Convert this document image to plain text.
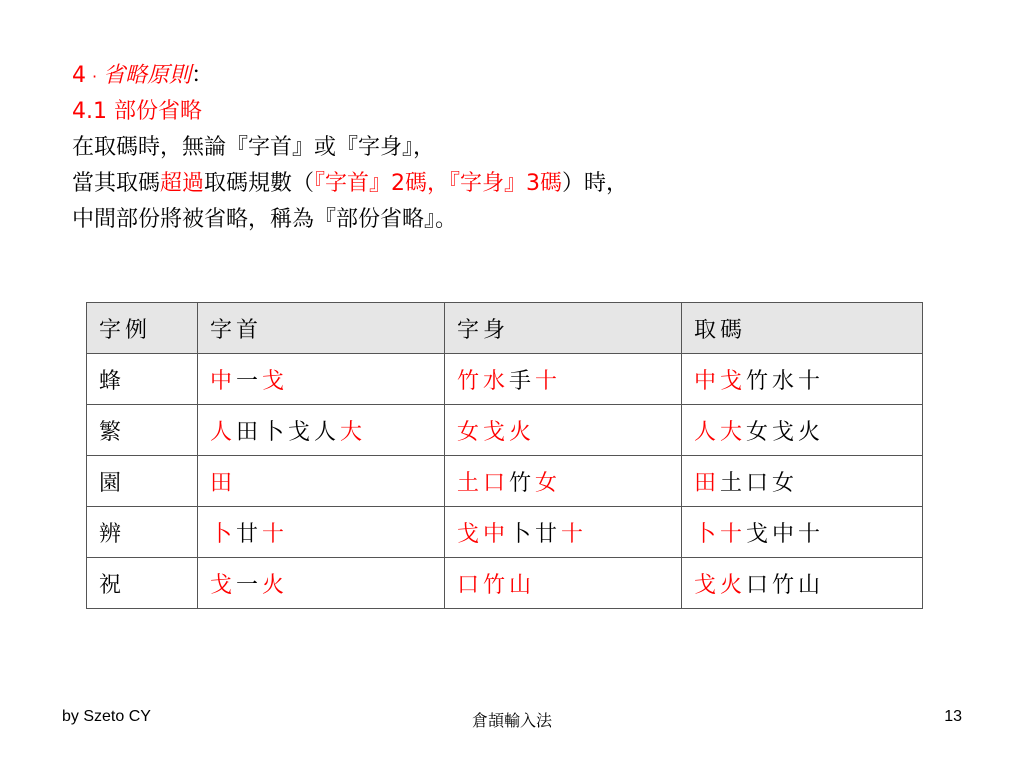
4 · 省略原則：
4.1 部份省略
在取碼時，無論『字首』或『字身』，
當其取碼超過取碼規數（『字首』2碼，『字身』3碼）時，
中間部份將被省略，稱為『部份省略』。
字例	字首	字身	取碼
蜂	中一戈	竹水手十	中戈竹水十
繁	人田卜戈人大	女戈火	人大女戈火
園	田	土口竹女	田土口女
辨	卜廿十	戈中卜廿十	卜十戈中十
祝	戈一火	口竹山	戈火口竹山
by Szeto CY	倉頡輸入法	13
